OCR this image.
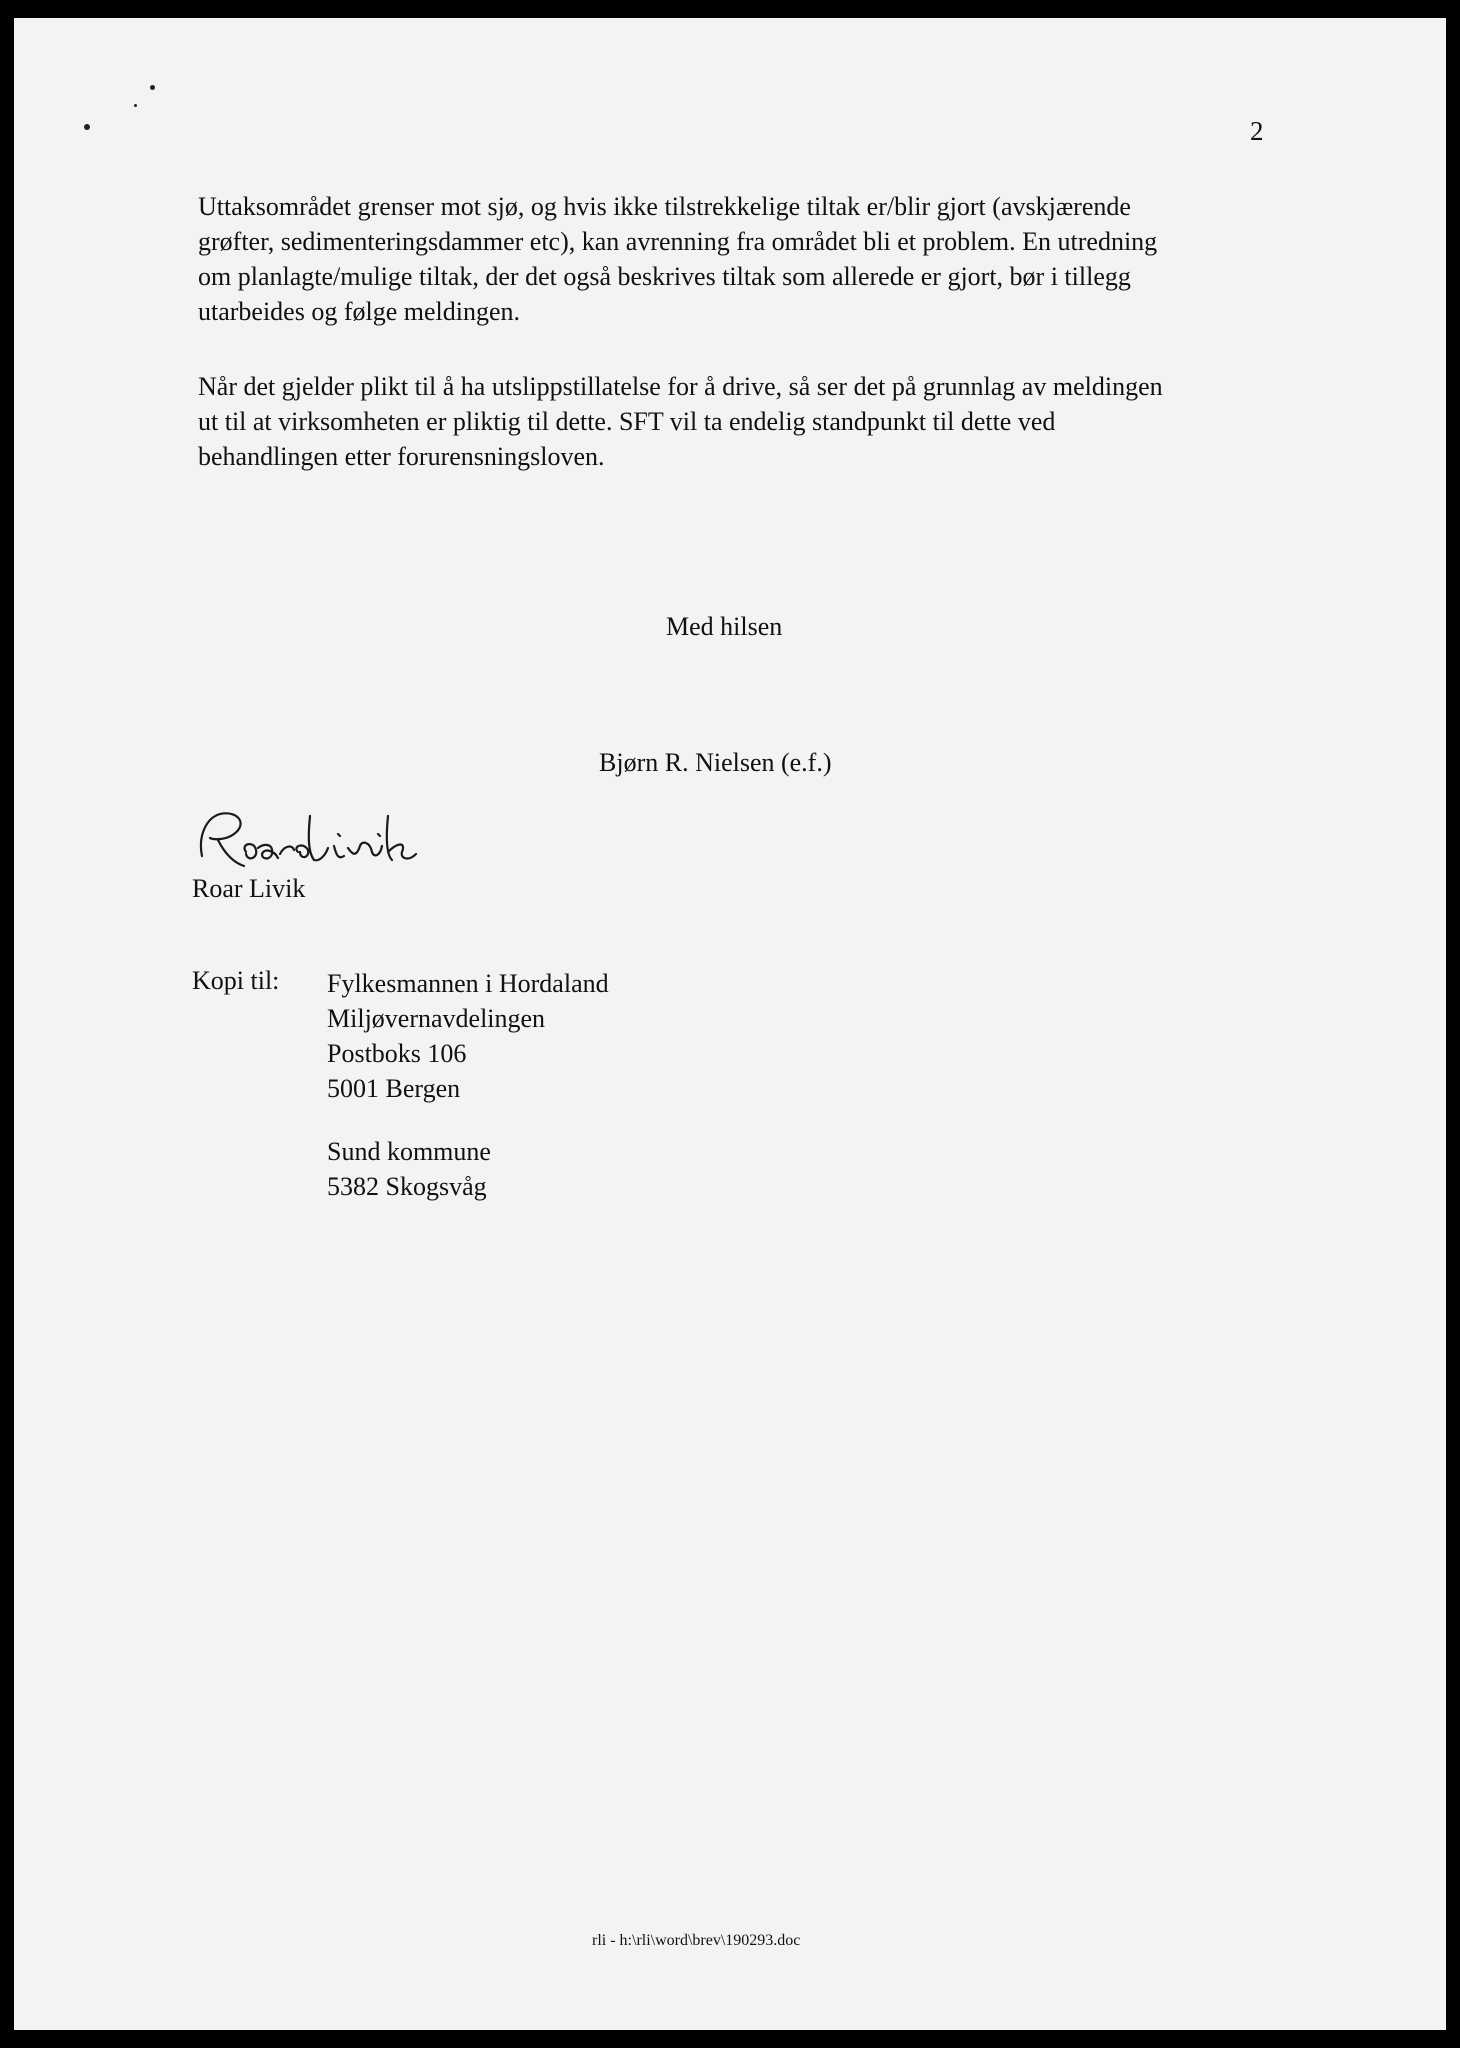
2
Uttaksområdet grenser mot sjø, og hvis ikke tilstrekkelige tiltak er/blir gjort (avskjærende
grøfter, sedimenteringsdammer etc), kan avrenning fra området bli et problem. En utredning
om planlagte/mulige tiltak, der det også beskrives tiltak som allerede er gjort, bør i tillegg
utarbeides og følge meldingen.
Når det gjelder plikt til å ha utslippstillatelse for å drive, så ser det på grunnlag av meldingen
ut til at virksomheten er pliktig til dette. SFT vil ta endelig standpunkt til dette ved
behandlingen etter forurensningsloven.
Med hilsen
Bjørn R. Nielsen (e.f.)
Roar Livik
Kopi til: Fylkesmannen i Hordaland
Miljøvernavdelingen
Postboks 106
5001 Bergen
Sund kommune
5382 Skogsvåg
rli - h:\rli\word\brev\190293.doc
